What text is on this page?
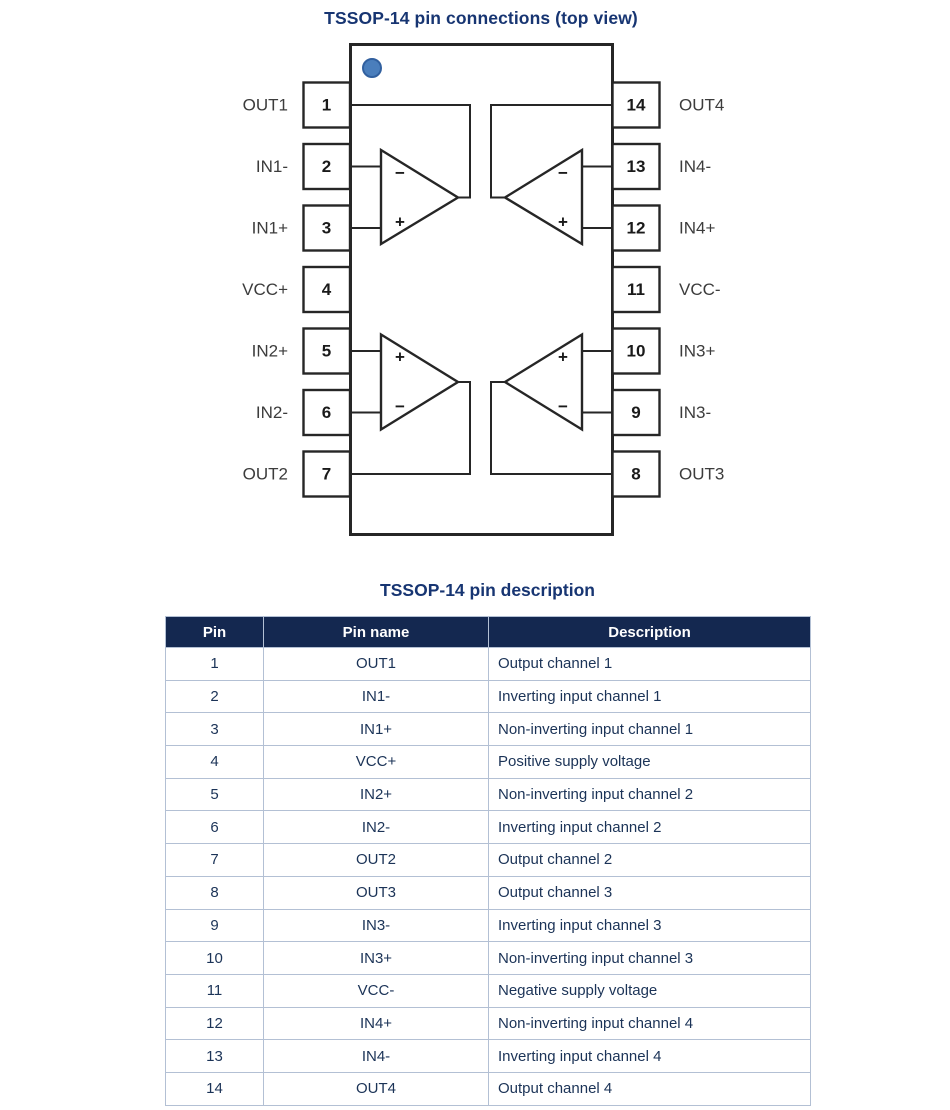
TSSOP-14 pin connections (top view)
1
OUT1
2
IN1-
3
IN1+
4
VCC+
5
IN2+
6
IN2-
7
OUT2
14 OUT4
13 IN4-
12 IN4+
11 VCC-
10 IN3+
9 IN3-
8 OUT3
−
+
−
+
+
−
+
−
TSSOP-14 pin description
Pin	Pin name	Description
1	OUT1	Output channel 1
2	IN1-	Inverting input channel 1
3	IN1+	Non-inverting input channel 1
4	VCC+	Positive supply voltage
5	IN2+	Non-inverting input channel 2
6	IN2-	Inverting input channel 2
7	OUT2	Output channel 2
8	OUT3	Output channel 3
9	IN3-	Inverting input channel 3
10	IN3+	Non-inverting input channel 3
11	VCC-	Negative supply voltage
12	IN4+	Non-inverting input channel 4
13	IN4-	Inverting input channel 4
14	OUT4	Output channel 4
